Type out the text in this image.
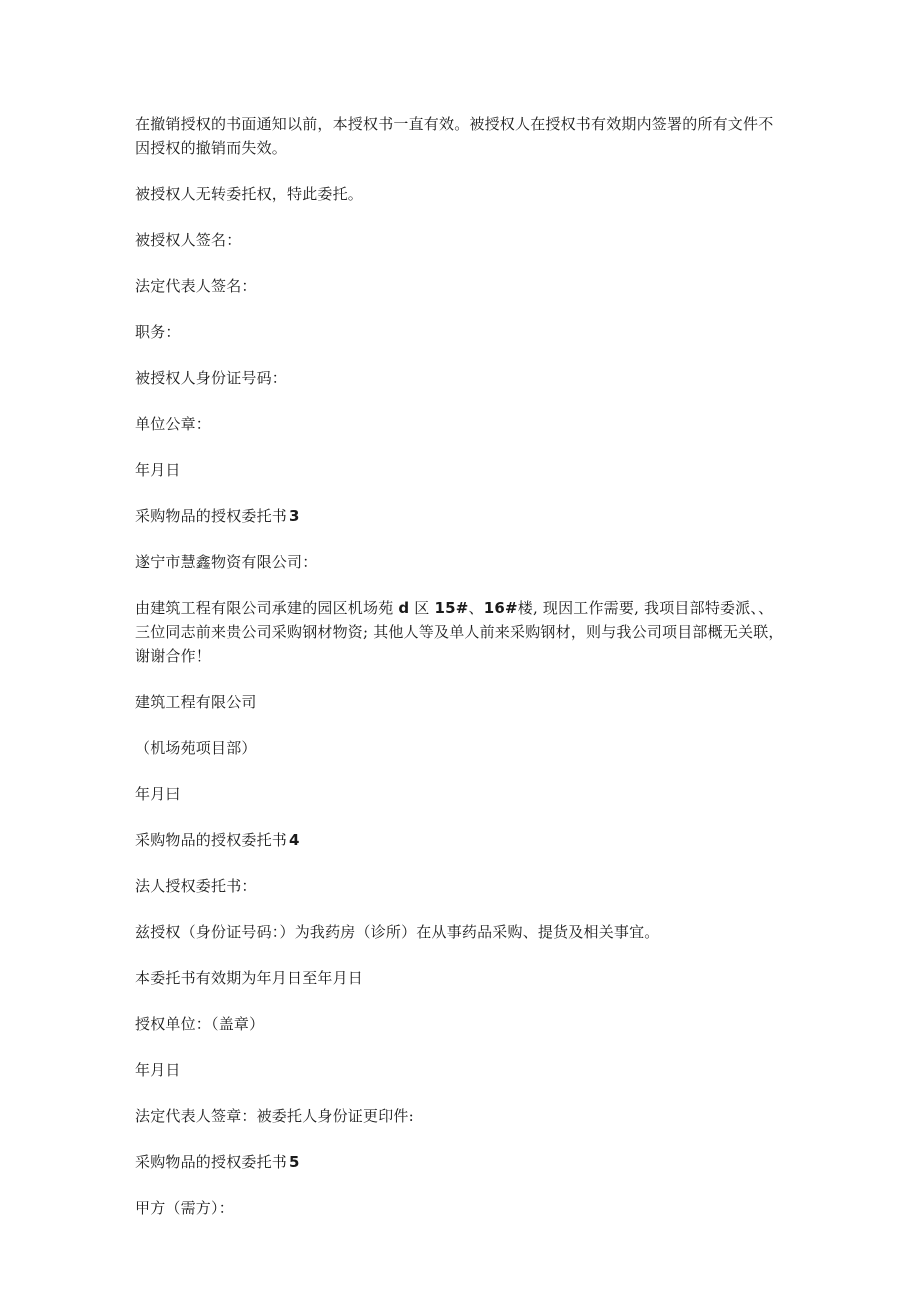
在撤销授权的书面通知以前，本授权书一直有效。被授权人在授权书有效期内签署的所有文件不因授权的撤销而失效。

被授权人无转委托权，特此委托。

被授权人签名：

法定代表人签名：

职务：

被授权人身份证号码：

单位公章：

年月日

采购物品的授权委托书 3

遂宁市慧鑫物资有限公司：

由建筑工程有限公司承建的园区机场苑 d 区 15#、16#楼, 现因工作需要, 我项目部特委派、、三位同志前来贵公司采购钢材物资; 其他人等及单人前来采购钢材，则与我公司项目部概无关联，谢谢合作！

建筑工程有限公司

（机场苑项目部）

年月曰

采购物品的授权委托书 4

法人授权委托书：

兹授权（身份证号码：）为我药房（诊所）在从事药品采购、提货及相关事宜。

本委托书有效期为年月日至年月日

授权单位：（盖章）

年月日

法定代表人签章：被委托人身份证更印件:

采购物品的授权委托书 5

甲方（需方）：
